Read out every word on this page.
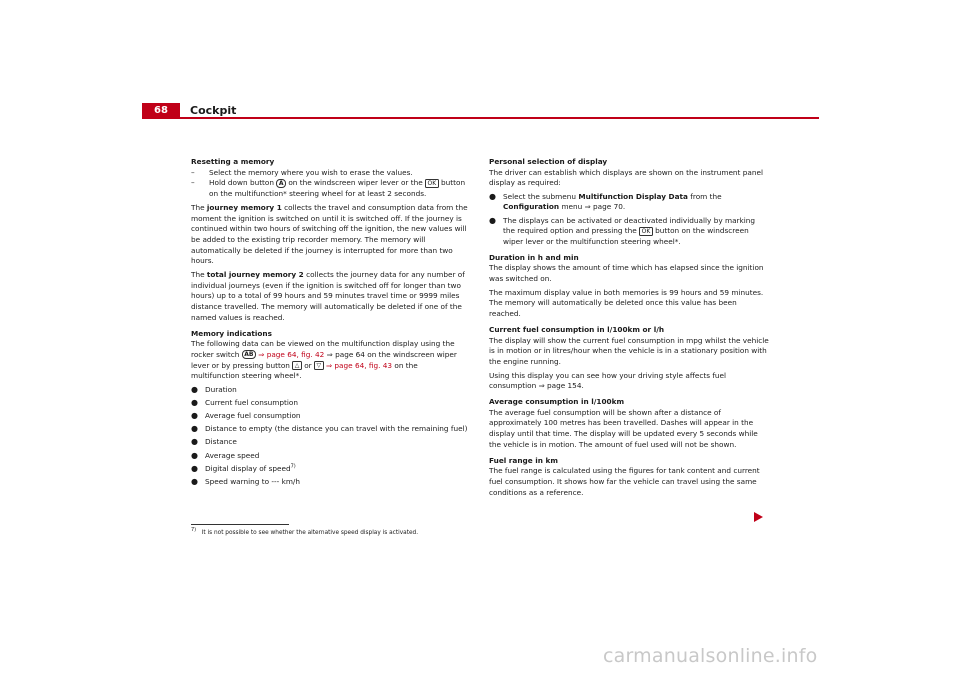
68	Cockpit

Resetting a memory

– Select the memory where you wish to erase the values.

– Hold down button A on the windscreen wiper lever or the OK button on the multifunction* steering wheel for at least 2 seconds.

The journey memory 1 collects the travel and consumption data from the moment the ignition is switched on until it is switched off. If the journey is continued within two hours of switching off the ignition, the new values will be added to the existing trip recorder memory. The memory will automatically be deleted if the journey is interrupted for more than two hours.

The total journey memory 2 collects the journey data for any number of individual journeys (even if the ignition is switched off for longer than two hours) up to a total of 99 hours and 59 minutes travel time or 9999 miles distance travelled. The memory will automatically be deleted if one of the named values is reached.

Memory indications

The following data can be viewed on the multifunction display using the rocker switch AB ⇒ page 64, fig. 42 ⇒ page 64 on the windscreen wiper lever or by pressing button △ or ▽ ⇒ page 64, fig. 43 on the multifunction steering wheel*.

● Duration

● Current fuel consumption

● Average fuel consumption

● Distance to empty (the distance you can travel with the remaining fuel)

● Distance

● Average speed

● Digital display of speed$^{7)}$

● Speed warning to --- km/h

$^{7)}$ It is not possible to see whether the alternative speed display is activated.

Personal selection of display

The driver can establish which displays are shown on the instrument panel display as required:

● Select the submenu Multifunction Display Data from the Configuration menu ⇒ page 70.

● The displays can be activated or deactivated individually by marking the required option and pressing the OK button on the windscreen wiper lever or the multifunction steering wheel*.

Duration in h and min

The display shows the amount of time which has elapsed since the ignition was switched on.

The maximum display value in both memories is 99 hours and 59 minutes. The memory will automatically be deleted once this value has been reached.

Current fuel consumption in l/100km or l/h

The display will show the current fuel consumption in mpg whilst the vehicle is in motion or in litres/hour when the vehicle is in a stationary position with the engine running.

Using this display you can see how your driving style affects fuel consumption ⇒ page 154.

Average consumption in l/100km

The average fuel consumption will be shown after a distance of approximately 100 metres has been travelled. Dashes will appear in the display until that time. The display will be updated every 5 seconds while the vehicle is in motion. The amount of fuel used will not be shown.

Fuel range in km

The fuel range is calculated using the figures for tank content and current fuel consumption. It shows how far the vehicle can travel using the same conditions as a reference.

carmanualsonline.info
